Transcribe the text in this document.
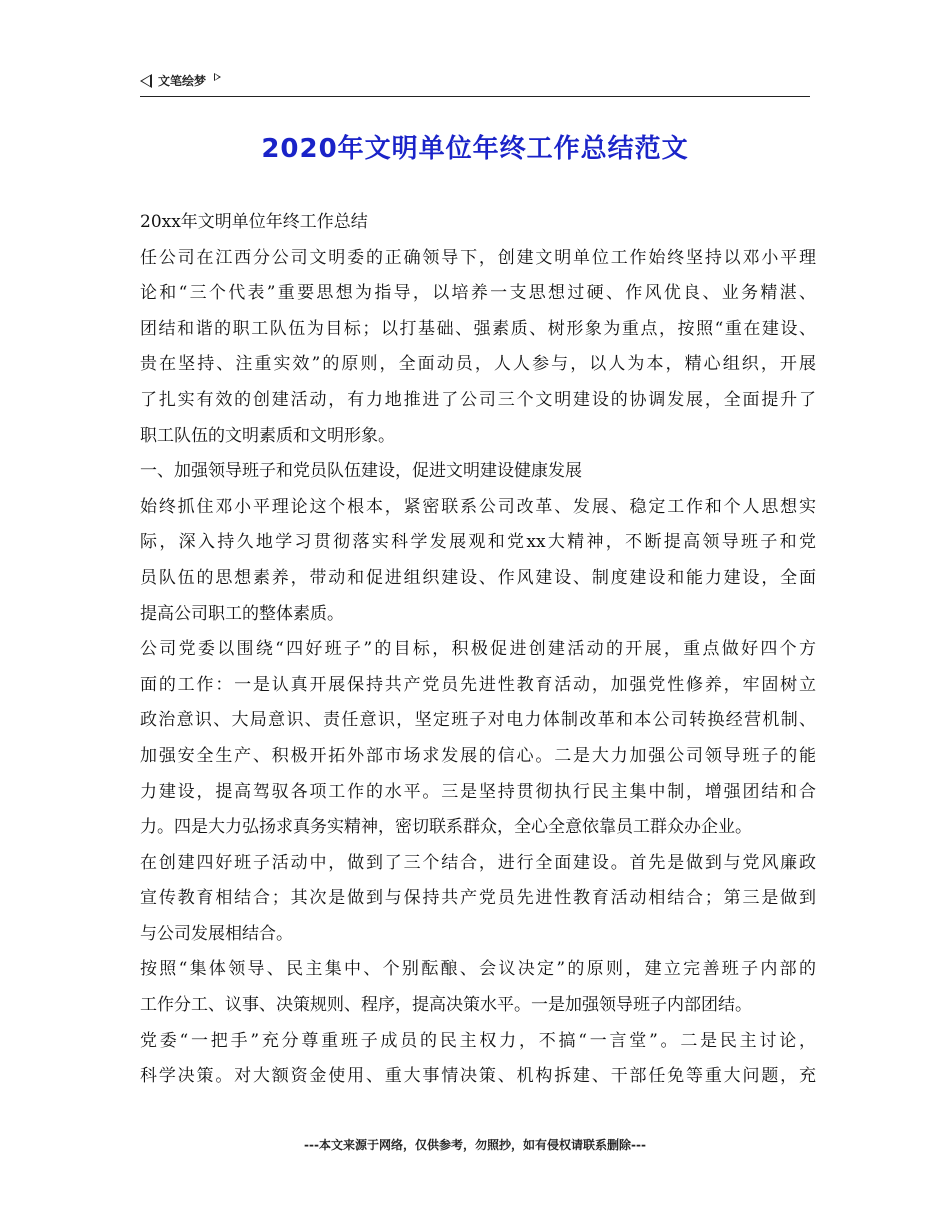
文笔绘梦
2020年文明单位年终工作总结范文
20xx年文明单位年终工作总结
任公司在江西分公司文明委的正确领导下，创建文明单位工作始终坚持以邓小平理
论和“三个代表”重要思想为指导，以培养一支思想过硬、作风优良、业务精湛、
团结和谐的职工队伍为目标；以打基础、强素质、树形象为重点，按照“重在建设、
贵在坚持、注重实效”的原则，全面动员，人人参与，以人为本，精心组织，开展
了扎实有效的创建活动，有力地推进了公司三个文明建设的协调发展，全面提升了
职工队伍的文明素质和文明形象。
一、加强领导班子和党员队伍建设，促进文明建设健康发展
始终抓住邓小平理论这个根本，紧密联系公司改革、发展、稳定工作和个人思想实
际，深入持久地学习贯彻落实科学发展观和党xx大精神，不断提高领导班子和党
员队伍的思想素养，带动和促进组织建设、作风建设、制度建设和能力建设，全面
提高公司职工的整体素质。
公司党委以围绕“四好班子”的目标，积极促进创建活动的开展，重点做好四个方
面的工作：一是认真开展保持共产党员先进性教育活动，加强党性修养，牢固树立
政治意识、大局意识、责任意识，坚定班子对电力体制改革和本公司转换经营机制、
加强安全生产、积极开拓外部市场求发展的信心。二是大力加强公司领导班子的能
力建设，提高驾驭各项工作的水平。三是坚持贯彻执行民主集中制，增强团结和合
力。四是大力弘扬求真务实精神，密切联系群众，全心全意依靠员工群众办企业。
在创建四好班子活动中，做到了三个结合，进行全面建设。首先是做到与党风廉政
宣传教育相结合；其次是做到与保持共产党员先进性教育活动相结合；第三是做到
与公司发展相结合。
按照“集体领导、民主集中、个别酝酿、会议决定”的原则，建立完善班子内部的
工作分工、议事、决策规则、程序，提高决策水平。一是加强领导班子内部团结。
党委“一把手”充分尊重班子成员的民主权力，不搞“一言堂”。二是民主讨论，
科学决策。对大额资金使用、重大事情决策、机构拆建、干部任免等重大问题，充
---本文来源于网络，仅供参考，勿照抄，如有侵权请联系删除---
